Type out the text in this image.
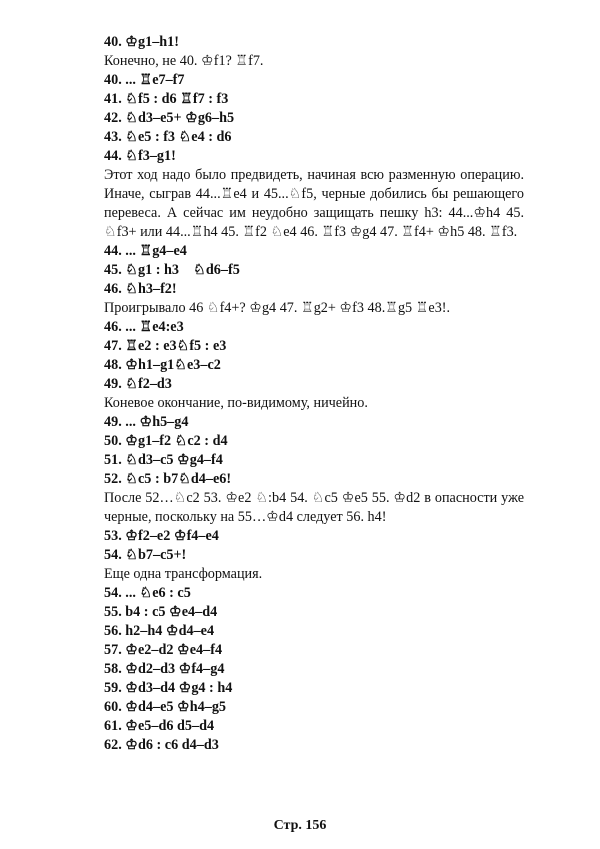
40. ♔g1–h1!
Конечно, не 40. ♔f1? ♖f7.
40. ... ♖e7–f7
41. ♘f5 : d6 ♖f7 : f3
42. ♘d3–e5+ ♔g6–h5
43. ♘e5 : f3 ♘e4 : d6
44. ♘f3–g1!
Этот ход надо было предвидеть, начиная всю разменную операцию. Иначе, сыграв 44...♖e4 и 45...♘f5, черные добились бы решающего перевеса. А сейчас им неудобно защищать пешку h3: 44...♔h4 45. ♘f3+ или 44...♖h4 45. ♖f2 ♘e4 46. ♖f3 ♔g4 47. ♖f4+ ♔h5 48. ♖f3.
44. ... ♖g4–e4
45. ♘g1 : h3    ♘d6–f5
46. ♘h3–f2!
Проигрывало 46 ♘f4+? ♔g4 47. ♖g2+ ♔f3 48.♖g5 ♖e3!.
46. ... ♖e4:e3
47. ♖e2 : e3♘f5 : e3
48. ♔h1–g1♘e3–c2
49. ♘f2–d3
Коневое окончание, по-видимому, ничейно.
49. ... ♔h5–g4
50. ♔g1–f2 ♘c2 : d4
51. ♘d3–c5 ♔g4–f4
52. ♘c5 : b7♘d4–e6!
После 52…♘c2 53. ♔e2 ♘:b4 54. ♘c5 ♔e5 55. ♔d2 в опасности уже черные, поскольку на 55…♔d4 следует 56. h4!
53. ♔f2–e2 ♔f4–e4
54. ♘b7–c5+!
Еще одна трансформация.
54. ... ♘e6 : c5
55. b4 : c5 ♔e4–d4
56. h2–h4 ♔d4–e4
57. ♔e2–d2 ♔e4–f4
58. ♔d2–d3 ♔f4–g4
59. ♔d3–d4 ♔g4 : h4
60. ♔d4–e5 ♔h4–g5
61. ♔e5–d6 d5–d4
62. ♔d6 : c6 d4–d3
Стр. 156
